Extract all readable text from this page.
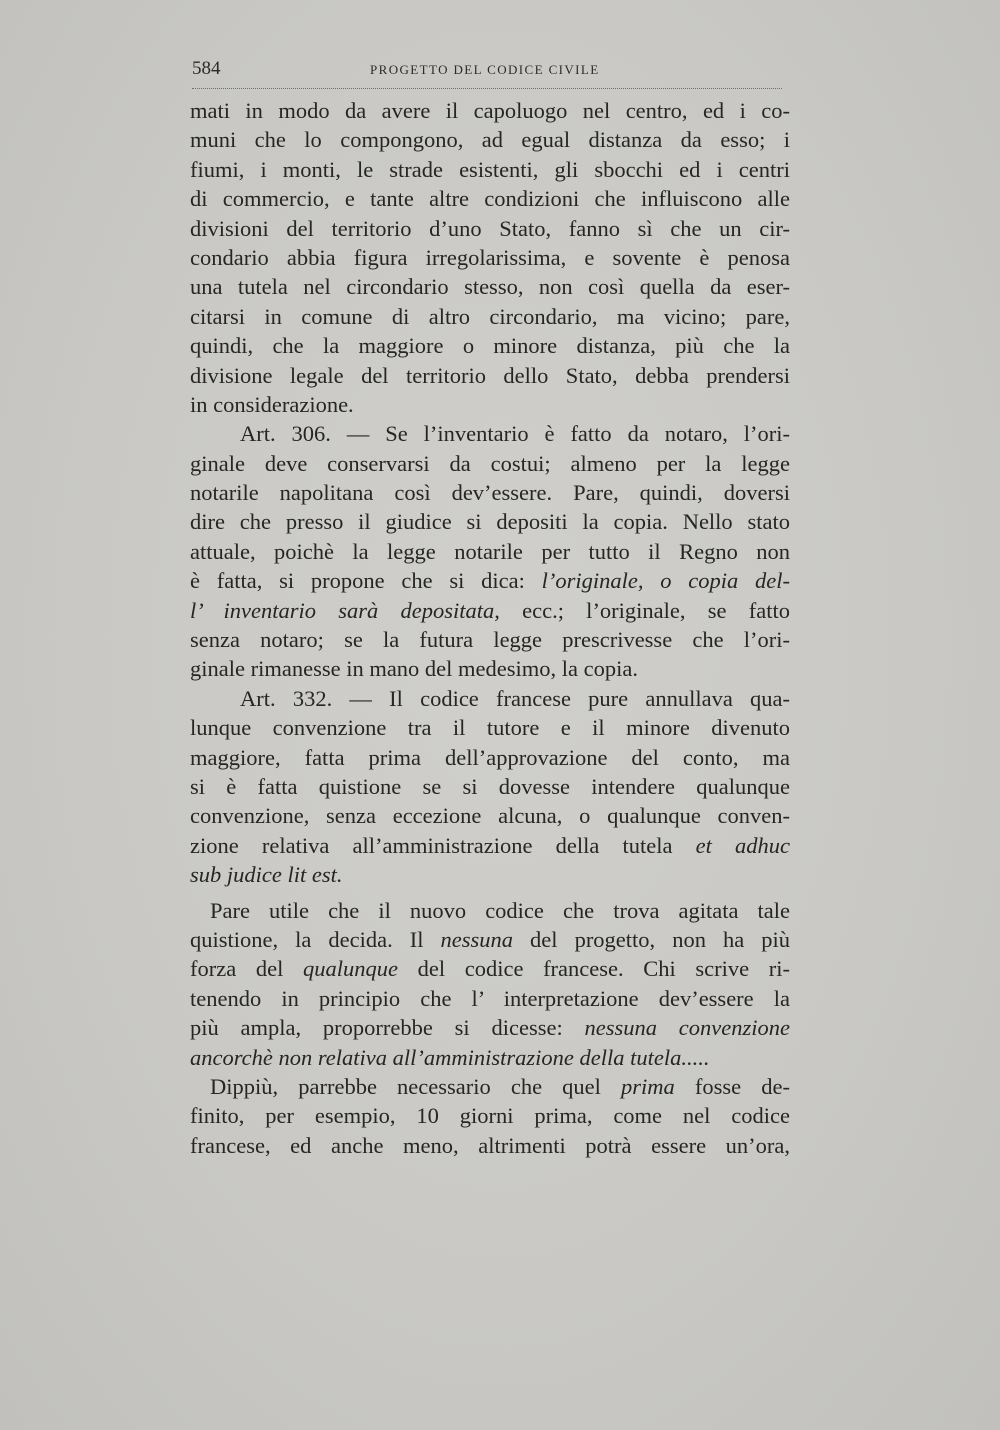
584	PROGETTO DEL CODICE CIVILE
mati in modo da avere il capoluogo nel centro, ed i co-
muni che lo compongono, ad egual distanza da esso; i
fiumi, i monti, le strade esistenti, gli sbocchi ed i centri
di commercio, e tante altre condizioni che influiscono alle
divisioni del territorio d’uno Stato, fanno sì che un cir-
condario abbia figura irregolarissima, e sovente è penosa
una tutela nel circondario stesso, non così quella da eser-
citarsi in comune di altro circondario, ma vicino; pare,
quindi, che la maggiore o minore distanza, più che la
divisione legale del territorio dello Stato, debba prendersi
in considerazione.
Art. 306. — Se l’inventario è fatto da notaro, l’ori-
ginale deve conservarsi da costui; almeno per la legge
notarile napolitana così dev’essere. Pare, quindi, doversi
dire che presso il giudice si depositi la copia. Nello stato
attuale, poichè la legge notarile per tutto il Regno non
è fatta, si propone che si dica: l’originale, o copia del-
l’ inventario sarà depositata, ecc.; l’originale, se fatto
senza notaro; se la futura legge prescrivesse che l’ori-
ginale rimanesse in mano del medesimo, la copia.
Art. 332. — Il codice francese pure annullava qua-
lunque convenzione tra il tutore e il minore divenuto
maggiore, fatta prima dell’approvazione del conto, ma
si è fatta quistione se si dovesse intendere qualunque
convenzione, senza eccezione alcuna, o qualunque conven-
zione relativa all’amministrazione della tutela et adhuc
sub judice lit est.
Pare utile che il nuovo codice che trova agitata tale
quistione, la decida. Il nessuna del progetto, non ha più
forza del qualunque del codice francese. Chi scrive ri-
tenendo in principio che l’ interpretazione dev’essere la
più ampla, proporrebbe si dicesse: nessuna convenzione
ancorchè non relativa all’amministrazione della tutela.....
Dippiù, parrebbe necessario che quel prima fosse de-
finito, per esempio, 10 giorni prima, come nel codice
francese, ed anche meno, altrimenti potrà essere un’ora,
